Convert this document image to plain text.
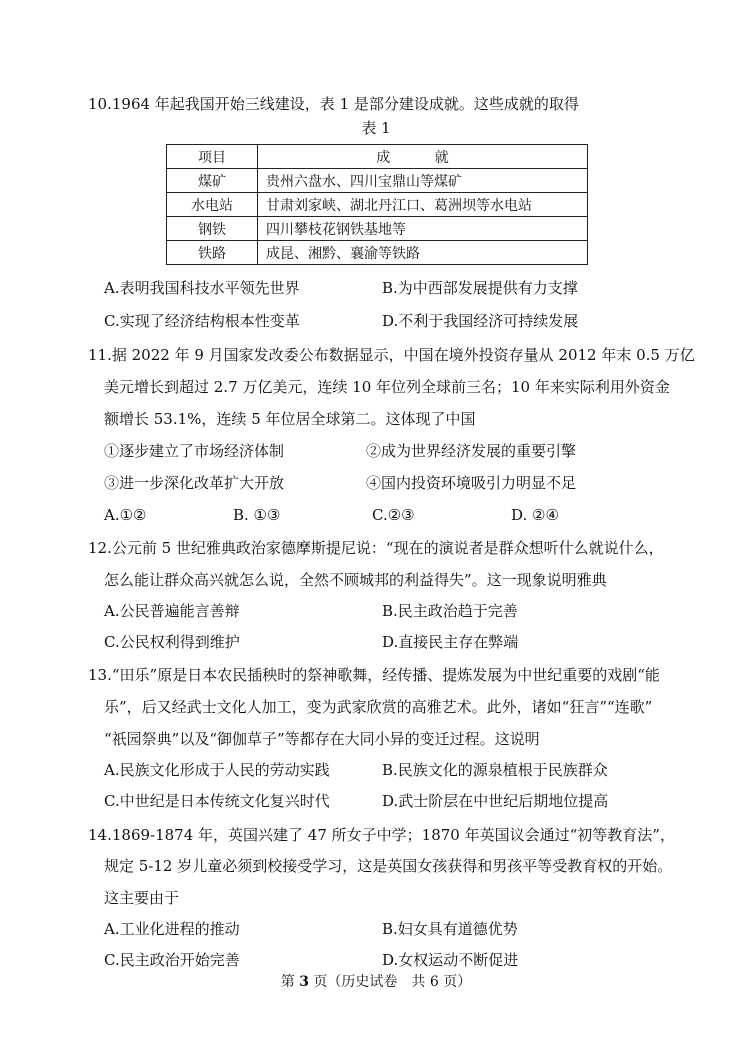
10.1964 年起我国开始三线建设，表 1 是部分建设成就。这些成就的取得
表 1
项目	成 就
煤矿	贵州六盘水、四川宝鼎山等煤矿
水电站	甘肃刘家峡、湖北丹江口、葛洲坝等水电站
钢铁	四川攀枝花钢铁基地等
铁路	成昆、湘黔、襄渝等铁路
A.表明我国科技水平领先世界	B.为中西部发展提供有力支撑
C.实现了经济结构根本性变革	D.不利于我国经济可持续发展
11.据 2022 年 9 月国家发改委公布数据显示，中国在境外投资存量从 2012 年末 0.5 万亿
美元增长到超过 2.7 万亿美元，连续 10 年位列全球前三名；10 年来实际利用外资金
额增长 53.1%，连续 5 年位居全球第二。这体现了中国
①逐步建立了市场经济体制	②成为世界经济发展的重要引擎
③进一步深化改革扩大开放	④国内投资环境吸引力明显不足
A.①②	B. ①③	C.②③	D. ②④
12.公元前 5 世纪雅典政治家德摩斯提尼说：“现在的演说者是群众想听什么就说什么，
怎么能让群众高兴就怎么说，全然不顾城邦的利益得失”。这一现象说明雅典
A.公民普遍能言善辩	B.民主政治趋于完善
C.公民权利得到维护	D.直接民主存在弊端
13.“田乐”原是日本农民插秧时的祭神歌舞，经传播、提炼发展为中世纪重要的戏剧“能
乐”，后又经武士文化人加工，变为武家欣赏的高雅艺术。此外，诸如“狂言”“连歌”
“祇园祭典”以及“御伽草子”等都存在大同小异的变迁过程。这说明
A.民族文化形成于人民的劳动实践	B.民族文化的源泉植根于民族群众
C.中世纪是日本传统文化复兴时代	D.武士阶层在中世纪后期地位提高
14.1869-1874 年，英国兴建了 47 所女子中学；1870 年英国议会通过“初等教育法”，
规定 5-12 岁儿童必须到校接受学习，这是英国女孩获得和男孩平等受教育权的开始。
这主要由于
A.工业化进程的推动	B.妇女具有道德优势
C.民主政治开始完善	D.女权运动不断促进
第 3 页（历史试卷　共 6 页）
